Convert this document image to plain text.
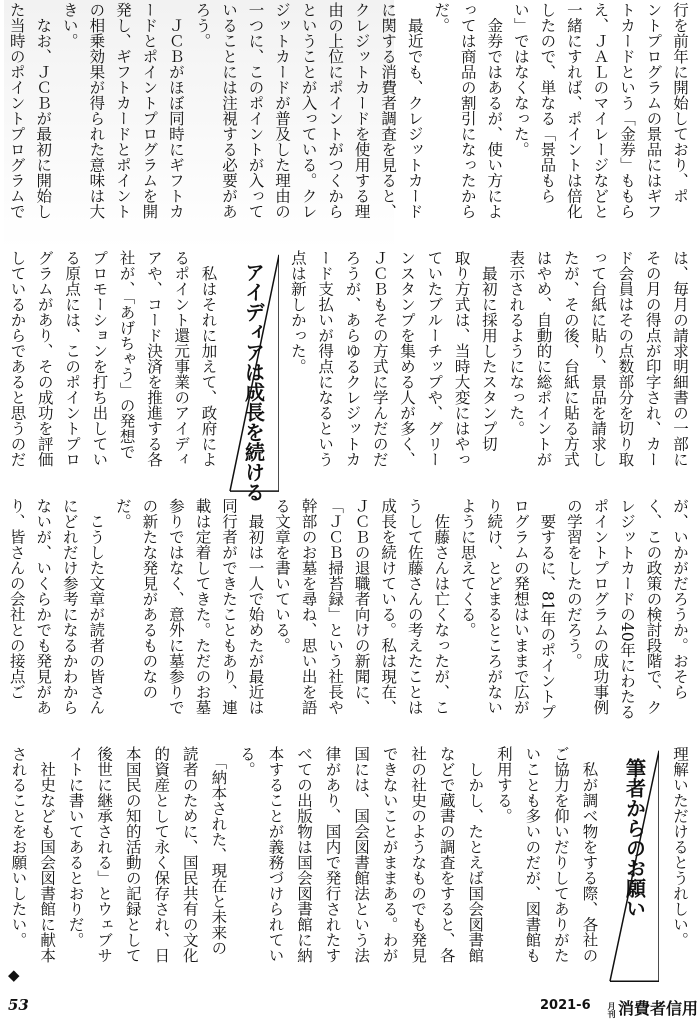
行を前年に開始しており、ポ
ントプログラムの景品にはギフ
トカードという「金券」ももら
え、ＪＡＬのマイレージなどと
一緒にすれば、ポイントは倍化
したので、単なる「景品もら
い」ではなくなった。
　金券ではあるが、使い方によ
っては商品の割引になったから
だ。
　最近でも、クレジットカード
に関する消費者調査を見ると、
クレジットカードを使用する理
由の上位にポイントがつくから
ということが入っている。クレ
ジットカードが普及した理由の
一つに、このポイントが入って
いることには注視する必要があ
ろう。
　ＪＣＢがほぼ同時にギフトカ
ードとポイントプログラムを開
発し、ギフトカードとポイント
の相乗効果が得られた意味は大
きい。
　なお、ＪＣＢが最初に開始し
た当時のポイントプログラムで
は、毎月の請求明細書の一部に
その月の得点が印字され、カー
ド会員はその点数部分を切り取
って台紙に貼り、景品を請求し
たが、その後、台紙に貼る方式
はやめ、自動的に総ポイントが
表示されるようになった。
　最初に採用したスタンプ切
取り方式は、当時大変にはやっ
ていたブルーチップや、グリー
ンスタンプを集める人が多く、
ＪＣＢもその方式に学んだのだ
ろうが、あらゆるクレジットカ
ード支払いが得点になるという
点は新しかった。
アイディアは成長を続ける
　私はそれに加えて、政府によ
るポイント還元事業のアイディ
アや、コード決済を推進する各
社が、「あげちゃう」の発想で
プロモーションを打ち出してい
る原点には、このポイントプロ
グラムがあり、その成功を評価
しているからであると思うのだ
が、いかがだろうか。おそら
く、この政策の検討段階で、ク
レジットカードの40年にわたる
ポイントプログラムの成功事例
の学習をしたのだろう。
　要するに、81年のポイントプ
ログラムの発想はいままで広が
り続け、とどまるところがない
ように思えてくる。
　佐藤さんは亡くなったが、こ
うして佐藤さんの考えたことは
成長を続けている。私は現在、
ＪＣＢの退職者向けの新聞に、
「ＪＣＢ掃苔録」という社長や
幹部のお墓を尋ね、思い出を語
る文章を書いている。
　最初は一人で始めたが最近は
同行者ができたこともあり、連
載は定着してきた。ただのお墓
参りではなく、意外に墓参りで
の新たな発見があるものなの
だ。
　こうした文章が読者の皆さん
にどれだけ参考になるかわから
ないが、いくらかでも発見があ
り、皆さんの会社との接点ご
理解いただけるとうれしい。
筆者からのお願い
　私が調べ物をする際、各社の
ご協力を仰いだりしてありがた
いことも多いのだが、図書館も
利用する。
　しかし、たとえば国会図書館
などで蔵書の調査をすると、各
社の社史のようなものでも発見
できないことがままある。わが
国には、国会図書館法という法
律があり、国内で発行されたす
べての出版物は国会図書館に納
本することが義務づけられてい
る。
　「納本された、現在と未来の
読者のために、国民共有の文化
的資産として永く保存され、日
本国民の知的活動の記録として
後世に継承される」とウェブサ
イトに書いてあるとおりだ。
　社史なども国会図書館に献本
されることをお願いしたい。
◆
53	2021-6 月刊 消費者信用
